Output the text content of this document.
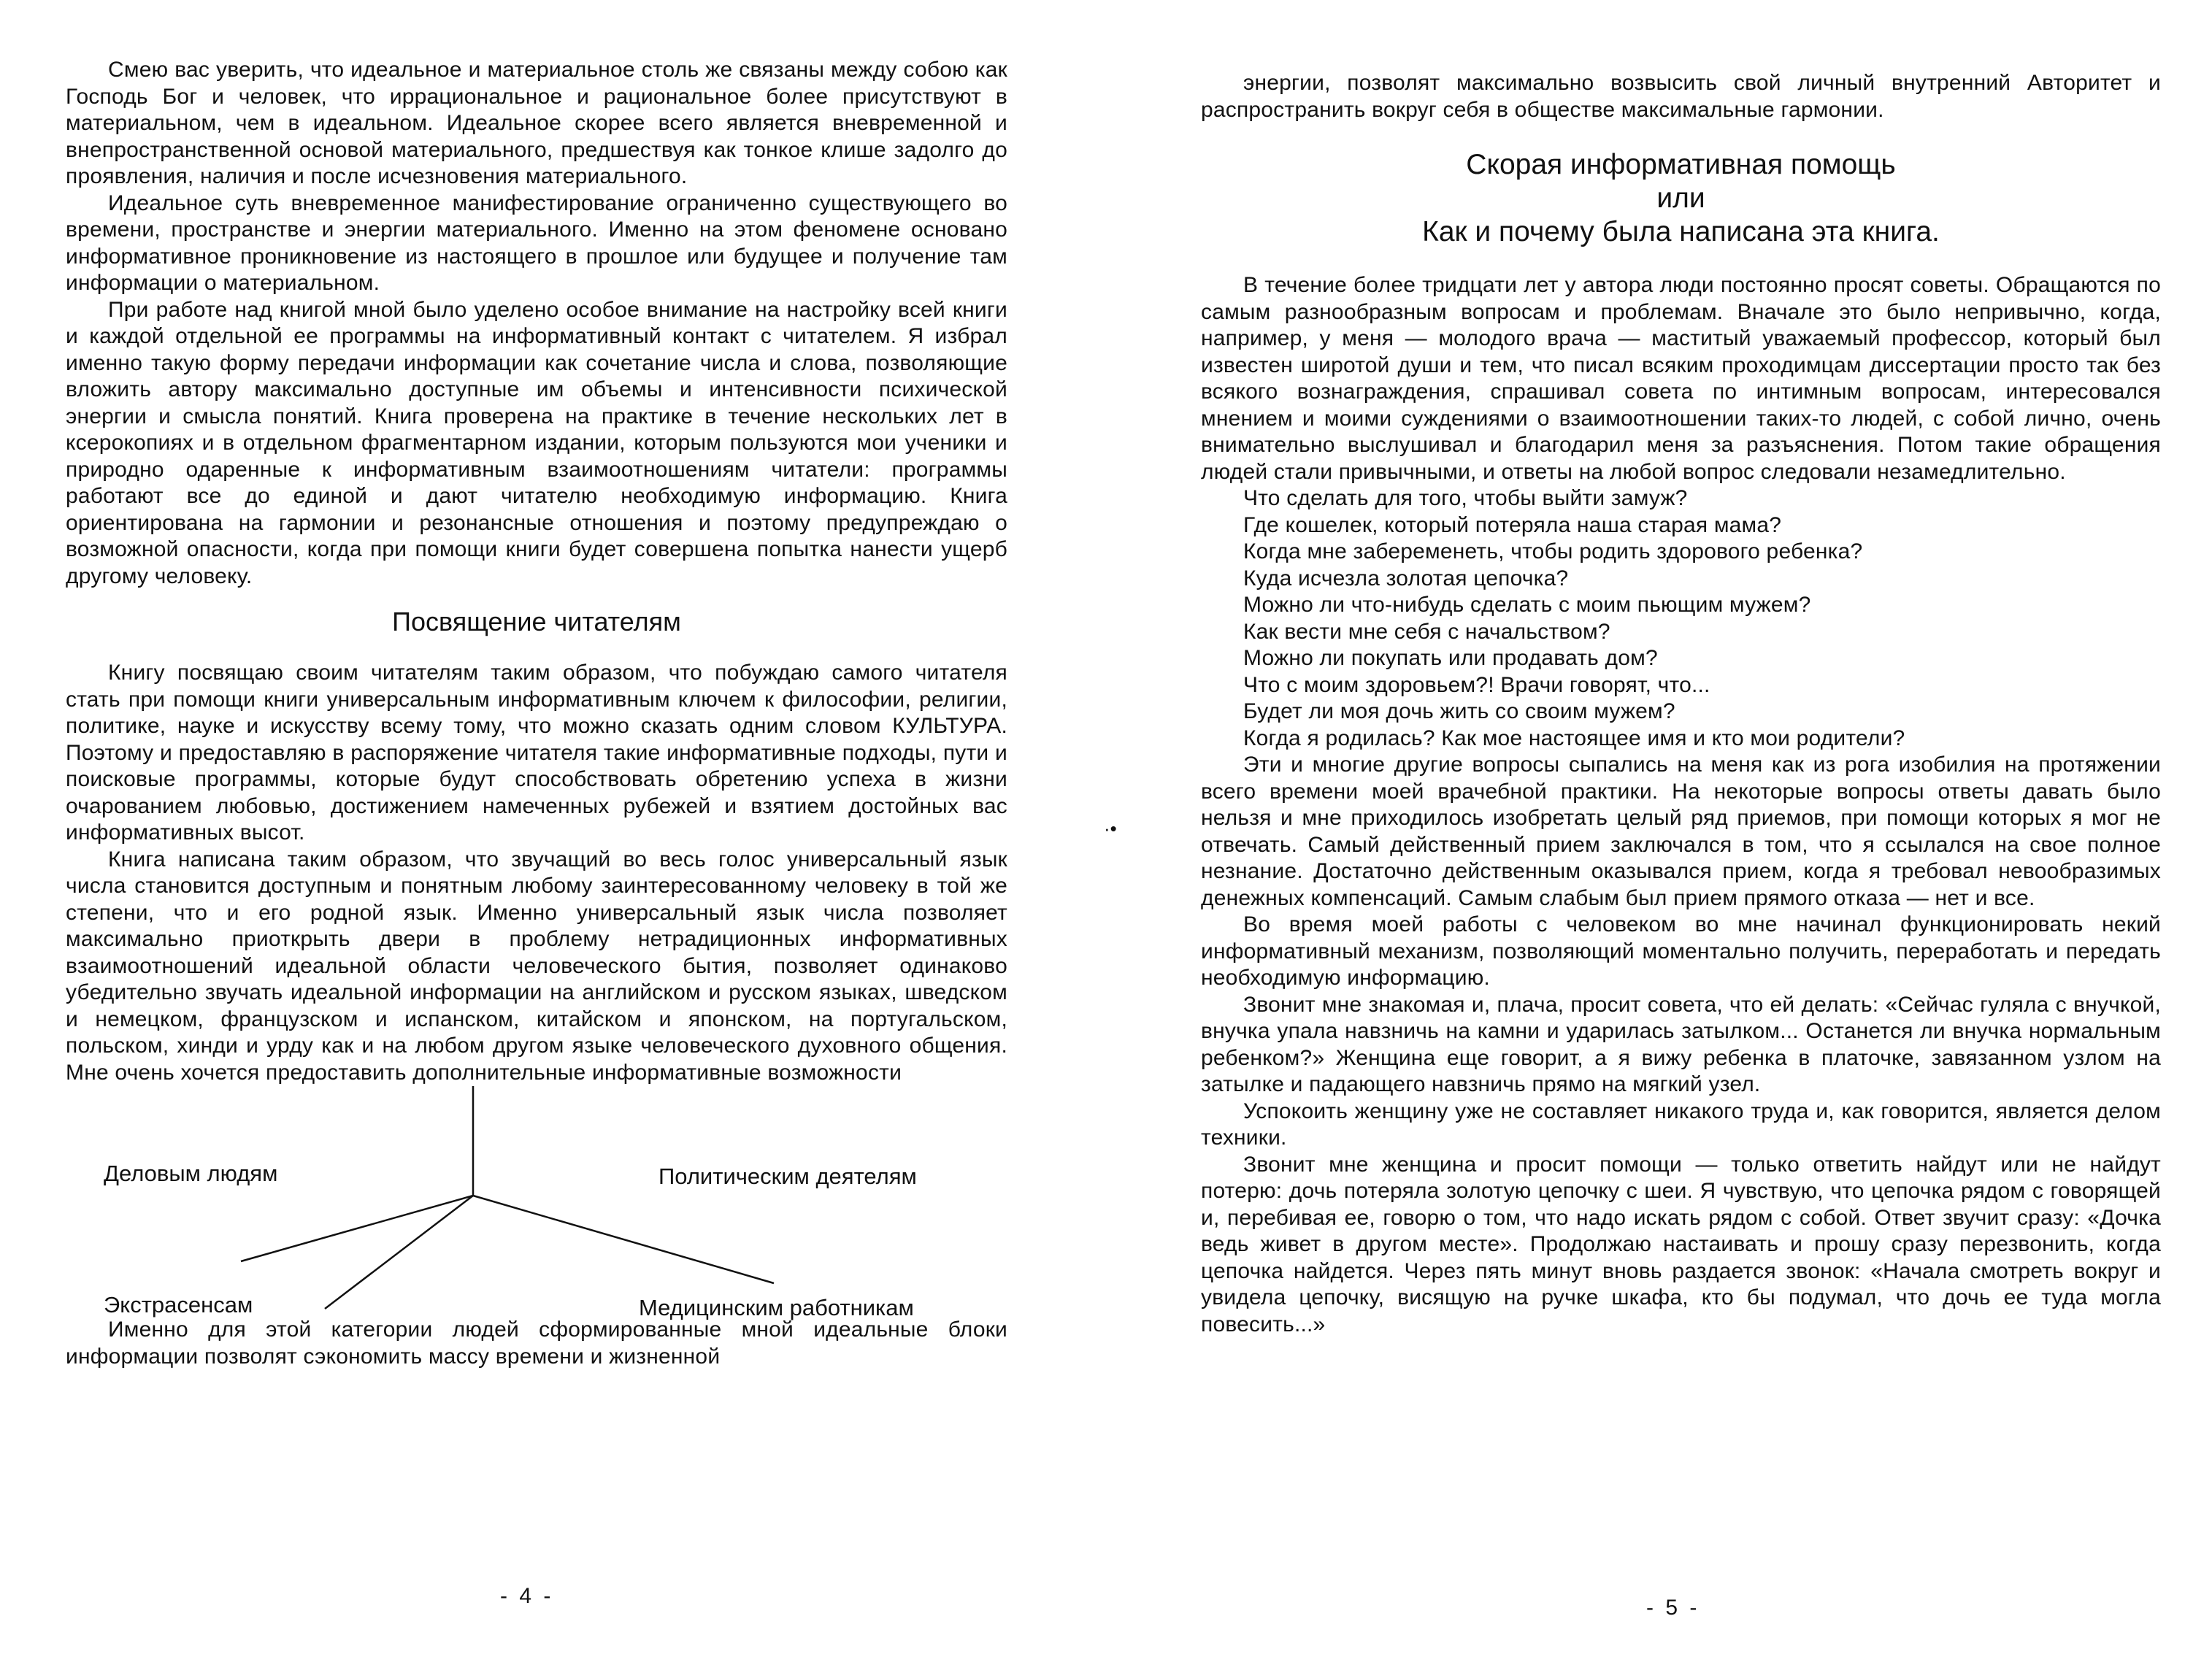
Смею вас уверить, что идеальное и материальное столь же связаны между собою как Господь Бог и человек, что иррациональное и рациональное более присутствуют в материальном, чем в идеальном. Идеальное скорее всего является вневременной и внепространственной основой материального, предшествуя как тонкое клише задолго до проявления, наличия и после исчезновения материального.

Идеальное суть вневременное манифестирование ограниченно существующего во времени, пространстве и энергии материального. Именно на этом феномене основано информативное проникновение из настоящего в прошлое или будущее и получение там информации о материальном.

При работе над книгой мной было уделено особое внимание на настройку всей книги и каждой отдельной ее программы на информативный контакт с читателем. Я избрал именно такую форму передачи информации как сочетание числа и слова, позволяющие вложить автору максимально доступные им объемы и интенсивности психической энергии и смысла понятий. Книга проверена на практике в течение нескольких лет в ксерокопиях и в отдельном фрагментарном издании, которым пользуются мои ученики и природно одаренные к информативным взаимоотношениям читатели: программы работают все до единой и дают читателю необходимую информацию. Книга ориентирована на гармонии и резонансные отношения и поэтому предупреждаю о возможной опасности, когда при помощи книги будет совершена попытка нанести ущерб другому человеку.

Посвящение читателям

Книгу посвящаю своим читателям таким образом, что побуждаю самого читателя стать при помощи книги универсальным информативным ключем к философии, религии, политике, науке и искусству всему тому, что можно сказать одним словом КУЛЬТУРА. Поэтому и предоставляю в распоряжение читателя такие информативные подходы, пути и поисковые программы, которые будут способствовать обретению успеха в жизни очарованием любовью, достижением намеченных рубежей и взятием достойных вас информативных высот.

Книга написана таким образом, что звучащий во весь голос универсальный язык числа становится доступным и понятным любому заинтересованному человеку в той же степени, что и его родной язык. Именно универсальный язык числа позволяет максимально приоткрыть двери в проблему нетрадиционных информативных взаимоотношений идеальной области человеческого бытия, позволяет одинаково убедительно звучать идеальной информации на английском и русском языках, шведском и немецком, французском и испанском, китайском и японском, на португальском, польском, хинди и урду как и на любом другом языке человеческого духовного общения. Мне очень хочется предоставить дополнительные информативные возможности

Деловым людям	Политическим деятелям
Экстрасенсам	Медицинским работникам

Именно для этой категории людей сформированные мной идеальные блоки информации позволят сэкономить массу времени и жизненной

- 4 -
·•

энергии, позволят максимально возвысить свой личный внутренний Авторитет и распространить вокруг себя в обществе максимальные гармонии.

Скорая информативная помощь
или
Как и почему была написана эта книга.

В течение более тридцати лет у автора люди постоянно просят советы. Обращаются по самым разнообразным вопросам и проблемам. Вначале это было непривычно, когда, например, у меня — молодого врача — маститый уважаемый профессор, который был известен широтой души и тем, что писал всяким проходимцам диссертации просто так без всякого вознаграждения, спрашивал совета по интимным вопросам, интересовался мнением и моими суждениями о взаимоотношении таких-то людей, с собой лично, очень внимательно выслушивал и благодарил меня за разъяснения. Потом такие обращения людей стали привычными, и ответы на любой вопрос следовали незамедлительно.

Что сделать для того, чтобы выйти замуж?

Где кошелек, который потеряла наша старая мама?

Когда мне забеременеть, чтобы родить здорового ребенка?

Куда исчезла золотая цепочка?

Можно ли что-нибудь сделать с моим пьющим мужем?

Как вести мне себя с начальством?

Можно ли покупать или продавать дом?

Что с моим здоровьем?! Врачи говорят, что...

Будет ли моя дочь жить со своим мужем?

Когда я родилась? Как мое настоящее имя и кто мои родители?

Эти и многие другие вопросы сыпались на меня как из рога изобилия на протяжении всего времени моей врачебной практики. На некоторые вопросы ответы давать было нельзя и мне приходилось изобретать целый ряд приемов, при помощи которых я мог не отвечать. Самый действенный прием заключался в том, что я ссылался на свое полное незнание. Достаточно действенным оказывался прием, когда я требовал невообразимых денежных компенсаций. Самым слабым был прием прямого отказа — нет и все.

Во время моей работы с человеком во мне начинал функционировать некий информативный механизм, позволяющий моментально получить, переработать и передать необходимую информацию.

Звонит мне знакомая и, плача, просит совета, что ей делать: «Сейчас гуляла с внучкой, внучка упала навзничь на камни и ударилась затылком... Останется ли внучка нормальным ребенком?» Женщина еще говорит, а я вижу ребенка в платочке, завязанном узлом на затылке и падающего навзничь прямо на мягкий узел.

Успокоить женщину уже не составляет никакого труда и, как говорится, является делом техники.

Звонит мне женщина и просит помощи — только ответить найдут или не найдут потерю: дочь потеряла золотую цепочку с шеи. Я чувствую, что цепочка рядом с говорящей и, перебивая ее, говорю о том, что надо искать рядом с собой. Ответ звучит сразу: «Дочка ведь живет в другом месте». Продолжаю настаивать и прошу сразу перезвонить, когда цепочка найдется. Через пять минут вновь раздается звонок: «Начала смотреть вокруг и увидела цепочку, висящую на ручке шкафа, кто бы подумал, что дочь ее туда могла повесить...»

- 5 -
